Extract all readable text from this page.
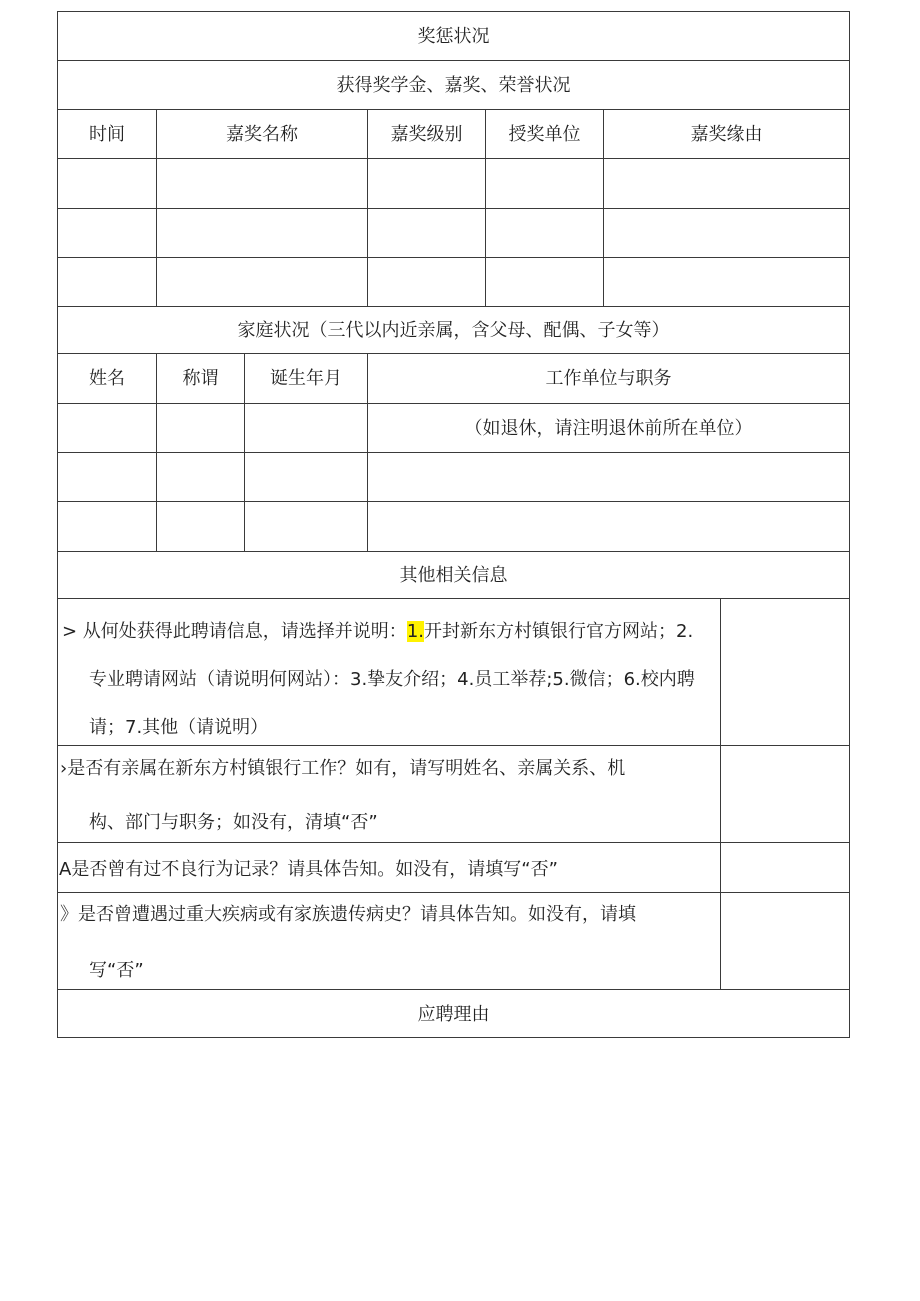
奖惩状况
获得奖学金、嘉奖、荣誉状况
时间	嘉奖名称	嘉奖级别	授奖单位	嘉奖缘由
家庭状况（三代以内近亲属，含父母、配偶、子女等）
姓名	称谓	诞生年月	工作单位与职务
（如退休，请注明退休前所在单位）
其他相关信息
> 从何处获得此聘请信息，请选择并说明：1.开封新东方村镇银行官方网站；2.
专业聘请网站（请说明何网站）：3.挚友介绍；4.员工举荐;5.微信；6.校内聘
请；7.其他（请说明）
›是否有亲属在新东方村镇银行工作？如有，请写明姓名、亲属关系、机
构、部门与职务；如没有，清填“否”
A是否曾有过不良行为记录？请具体告知。如没有，请填写“否”
》是否曾遭遇过重大疾病或有家族遗传病史？请具体告知。如没有，请填
写“否”
应聘理由
